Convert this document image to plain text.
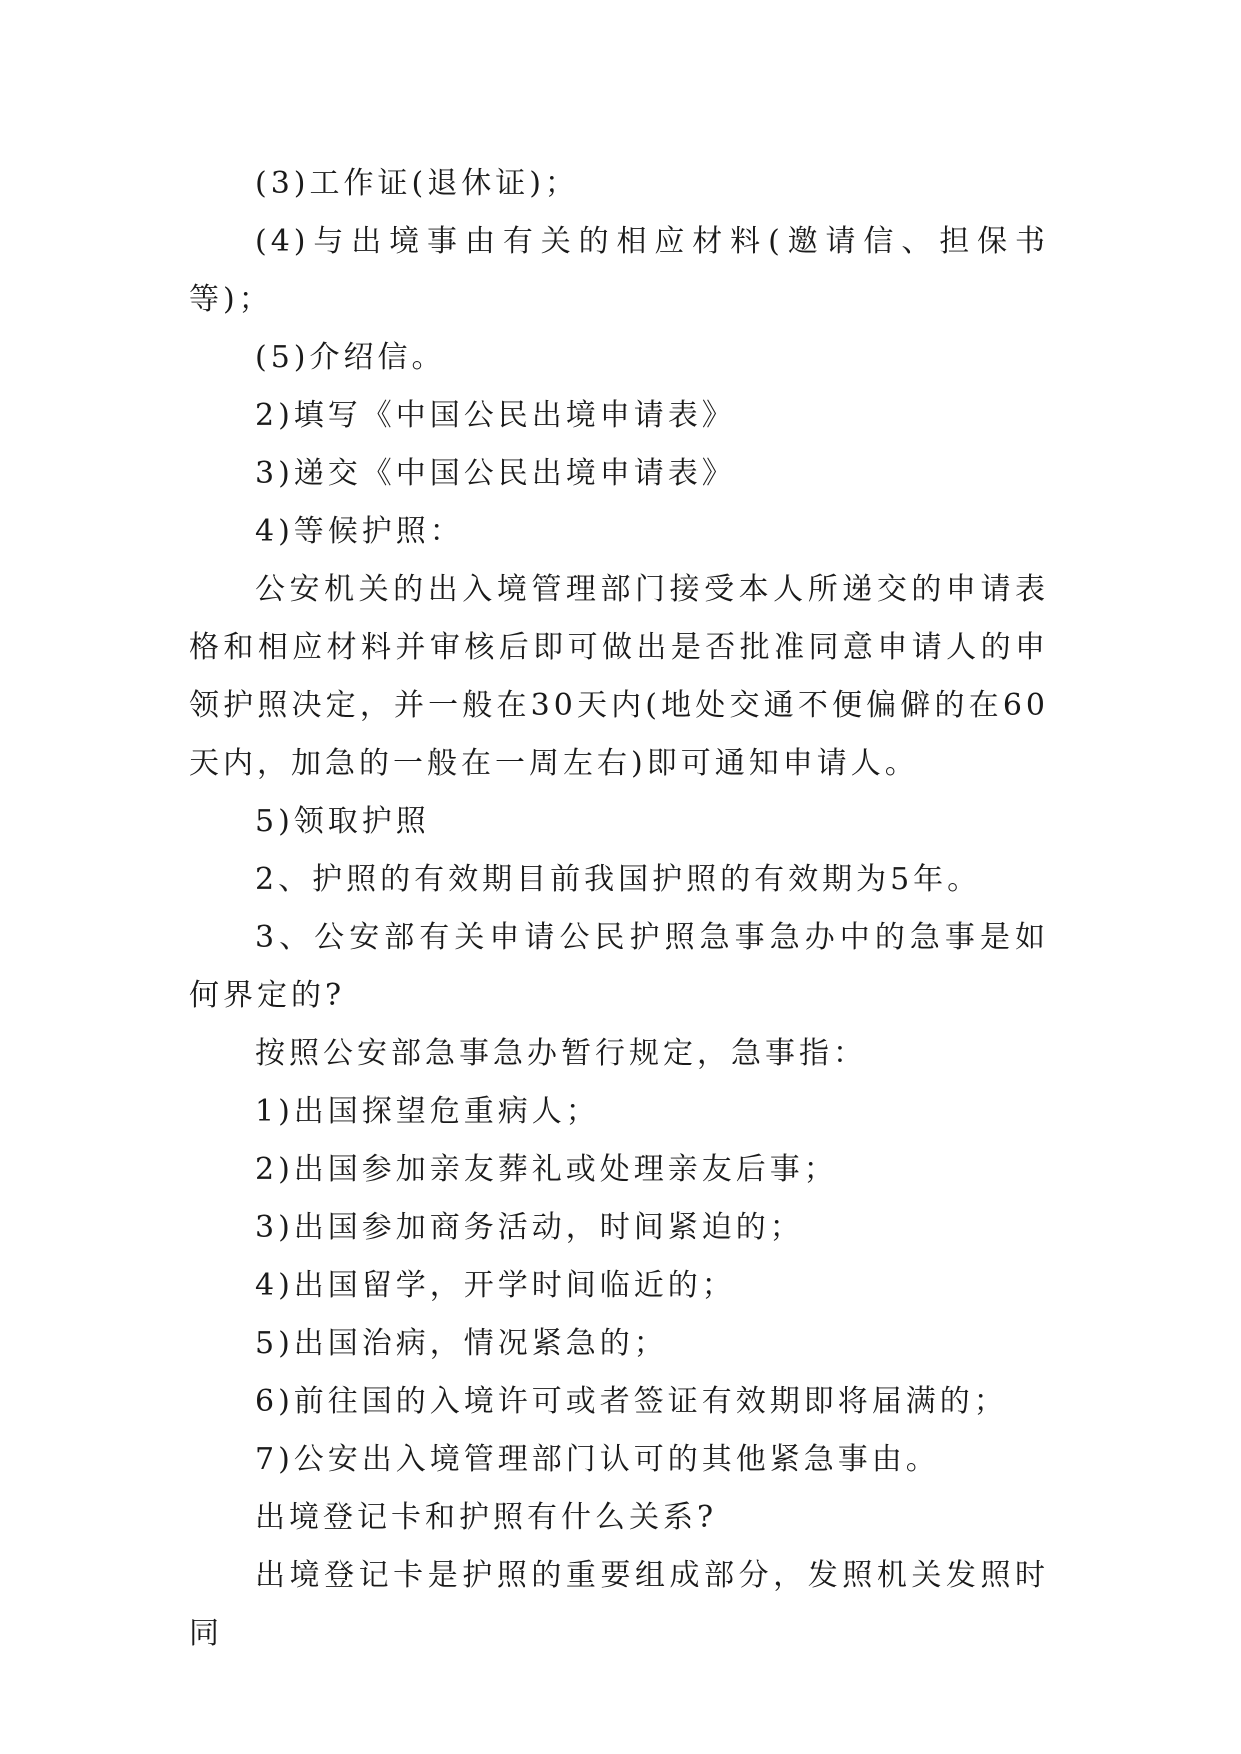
(3)工作证(退休证)；

(4)与出境事由有关的相应材料(邀请信、担保书等)；

(5)介绍信。

2)填写《中国公民出境申请表》

3)递交《中国公民出境申请表》

4)等候护照：

公安机关的出入境管理部门接受本人所递交的申请表格和相应材料并审核后即可做出是否批准同意申请人的申领护照决定，并一般在30天内(地处交通不便偏僻的在60天内，加急的一般在一周左右)即可通知申请人。

5)领取护照

2、护照的有效期目前我国护照的有效期为5年。

3、公安部有关申请公民护照急事急办中的急事是如何界定的?

按照公安部急事急办暂行规定，急事指：

1)出国探望危重病人；

2)出国参加亲友葬礼或处理亲友后事；

3)出国参加商务活动，时间紧迫的；

4)出国留学，开学时间临近的；

5)出国治病，情况紧急的；

6)前往国的入境许可或者签证有效期即将届满的；

7)公安出入境管理部门认可的其他紧急事由。

出境登记卡和护照有什么关系?

出境登记卡是护照的重要组成部分，发照机关发照时同
